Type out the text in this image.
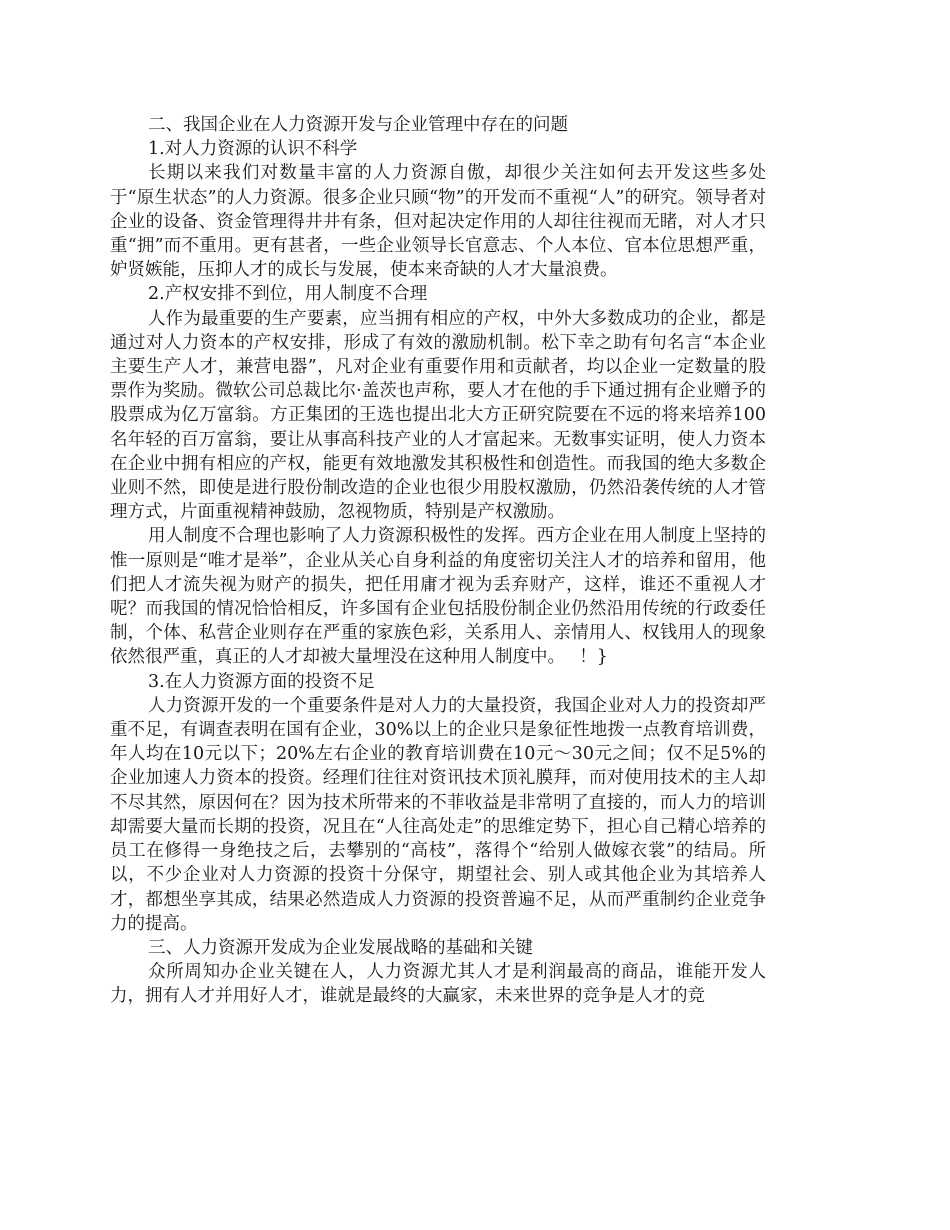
二、我国企业在人力资源开发与企业管理中存在的问题

1.对人力资源的认识不科学

长期以来我们对数量丰富的人力资源自傲，却很少关注如何去开发这些多处于“原生状态”的人力资源。很多企业只顾“物”的开发而不重视“人”的研究。领导者对企业的设备、资金管理得井井有条，但对起决定作用的人却往往视而无睹，对人才只重“拥”而不重用。更有甚者，一些企业领导长官意志、个人本位、官本位思想严重，妒贤嫉能，压抑人才的成长与发展，使本来奇缺的人才大量浪费。

2.产权安排不到位，用人制度不合理

人作为最重要的生产要素，应当拥有相应的产权，中外大多数成功的企业，都是通过对人力资本的产权安排，形成了有效的激励机制。松下幸之助有句名言“本企业主要生产人才，兼营电器”，凡对企业有重要作用和贡献者，均以企业一定数量的股票作为奖励。微软公司总裁比尔·盖茨也声称，要人才在他的手下通过拥有企业赠予的股票成为亿万富翁。方正集团的王选也提出北大方正研究院要在不远的将来培养100名年轻的百万富翁，要让从事高科技产业的人才富起来。无数事实证明，使人力资本在企业中拥有相应的产权，能更有效地激发其积极性和创造性。而我国的绝大多数企业则不然，即使是进行股份制改造的企业也很少用股权激励，仍然沿袭传统的人才管理方式，片面重视精神鼓励，忽视物质，特别是产权激励。

用人制度不合理也影响了人力资源积极性的发挥。西方企业在用人制度上坚持的惟一原则是“唯才是举”，企业从关心自身利益的角度密切关注人才的培养和留用，他们把人才流失视为财产的损失，把任用庸才视为丢弃财产，这样，谁还不重视人才呢？而我国的情况恰恰相反，许多国有企业包括股份制企业仍然沿用传统的行政委任制，个体、私营企业则存在严重的家族色彩，关系用人、亲情用人、权钱用人的现象依然很严重，真正的人才却被大量埋没在这种用人制度中。　 ！}

3.在人力资源方面的投资不足

人力资源开发的一个重要条件是对人力的大量投资，我国企业对人力的投资却严重不足，有调查表明在国有企业，30%以上的企业只是象征性地拨一点教育培训费，年人均在10元以下；20%左右企业的教育培训费在10元～30元之间；仅不足5%的企业加速人力资本的投资。经理们往往对资讯技术顶礼膜拜，而对使用技术的主人却不尽其然，原因何在？因为技术所带来的不菲收益是非常明了直接的，而人力的培训却需要大量而长期的投资，况且在“人往高处走”的思维定势下，担心自己精心培养的员工在修得一身绝技之后，去攀别的“高枝”，落得个“给别人做嫁衣裳”的结局。所以，不少企业对人力资源的投资十分保守，期望社会、别人或其他企业为其培养人才，都想坐享其成，结果必然造成人力资源的投资普遍不足，从而严重制约企业竞争力的提高。

三、人力资源开发成为企业发展战略的基础和关键

众所周知办企业关键在人，人力资源尤其人才是利润最高的商品，谁能开发人力，拥有人才并用好人才，谁就是最终的大赢家，未来世界的竞争是人才的竞
